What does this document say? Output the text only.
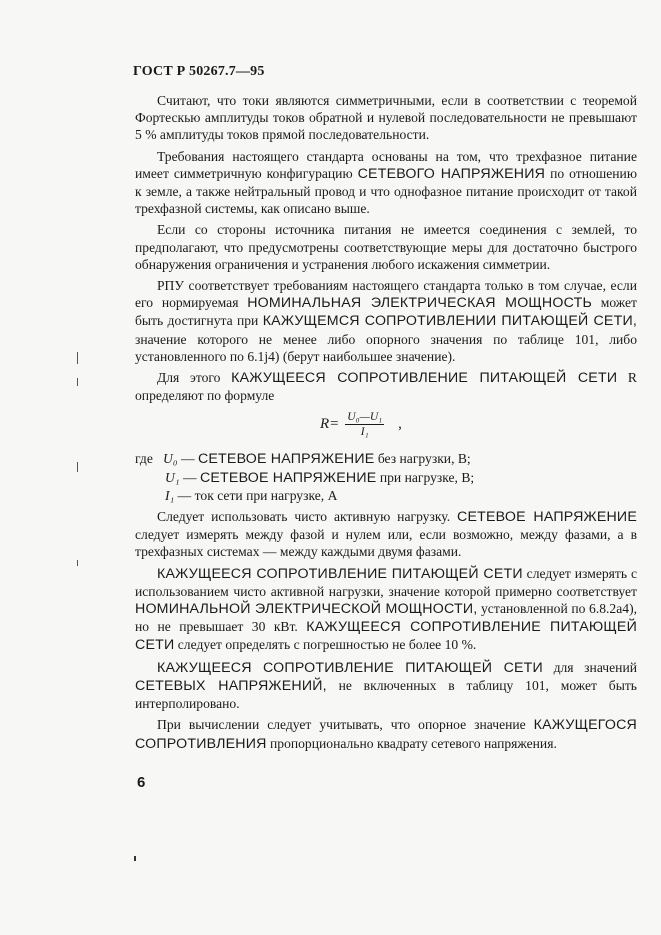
ГОСТ Р 50267.7—95

Считают, что токи являются симметричными, если в соответствии с теоремой Фортескью амплитуды токов обратной и нулевой последовательности не превышают 5 % амплитуды токов прямой последовательности.

Требования настоящего стандарта основаны на том, что трехфазное питание имеет симметричную конфигурацию СЕТЕВОГО НАПРЯЖЕНИЯ по отношению к земле, а также нейтральный провод и что однофазное питание происходит от такой трехфазной системы, как описано выше.

Если со стороны источника питания не имеется соединения с землей, то предполагают, что предусмотрены соответствующие меры для достаточно быстрого обнаружения ограничения и устранения любого искажения симметрии.

РПУ соответствует требованиям настоящего стандарта только в том случае, если его нормируемая НОМИНАЛЬНАЯ ЭЛЕКТРИЧЕСКАЯ МОЩНОСТЬ может быть достигнута при КАЖУЩЕМСЯ СОПРОТИВЛЕНИИ ПИТАЮЩЕЙ СЕТИ, значение которого не менее либо опорного значения по таблице 101, либо установленного по 6.1j4) (берут наибольшее значение).

Для этого КАЖУЩЕЕСЯ СОПРОТИВЛЕНИЕ ПИТАЮЩЕЙ СЕТИ R определяют по формуле

$R= \frac{\text{U₀—U₁}}{\text{I₁}}$ ,

где U₀ — СЕТЕВОЕ НАПРЯЖЕНИЕ без нагрузки, В;

U₁ — СЕТЕВОЕ НАПРЯЖЕНИЕ при нагрузке, В;

I₁ — ток сети при нагрузке, А

Следует использовать чисто активную нагрузку. СЕТЕВОЕ НАПРЯЖЕНИЕ следует измерять между фазой и нулем или, если возможно, между фазами, а в трехфазных системах — между каждыми двумя фазами.

КАЖУЩЕЕСЯ СОПРОТИВЛЕНИЕ ПИТАЮЩЕЙ СЕТИ следует измерять с использованием чисто активной нагрузки, значение которой примерно соответствует НОМИНАЛЬНОЙ ЭЛЕКТРИЧЕСКОЙ МОЩНОСТИ, установленной по 6.8.2a4), но не превышает 30 кВт. КАЖУЩЕЕСЯ СОПРОТИВЛЕНИЕ ПИТАЮЩЕЙ СЕТИ следует определять с погрешностью не более 10 %.

КАЖУЩЕЕСЯ СОПРОТИВЛЕНИЕ ПИТАЮЩЕЙ СЕТИ для значений СЕТЕВЫХ НАПРЯЖЕНИЙ, не включенных в таблицу 101, может быть интерполировано.

При вычислении следует учитывать, что опорное значение КАЖУЩЕГОСЯ СОПРОТИВЛЕНИЯ пропорционально квадрату сетевого напряжения.

6
